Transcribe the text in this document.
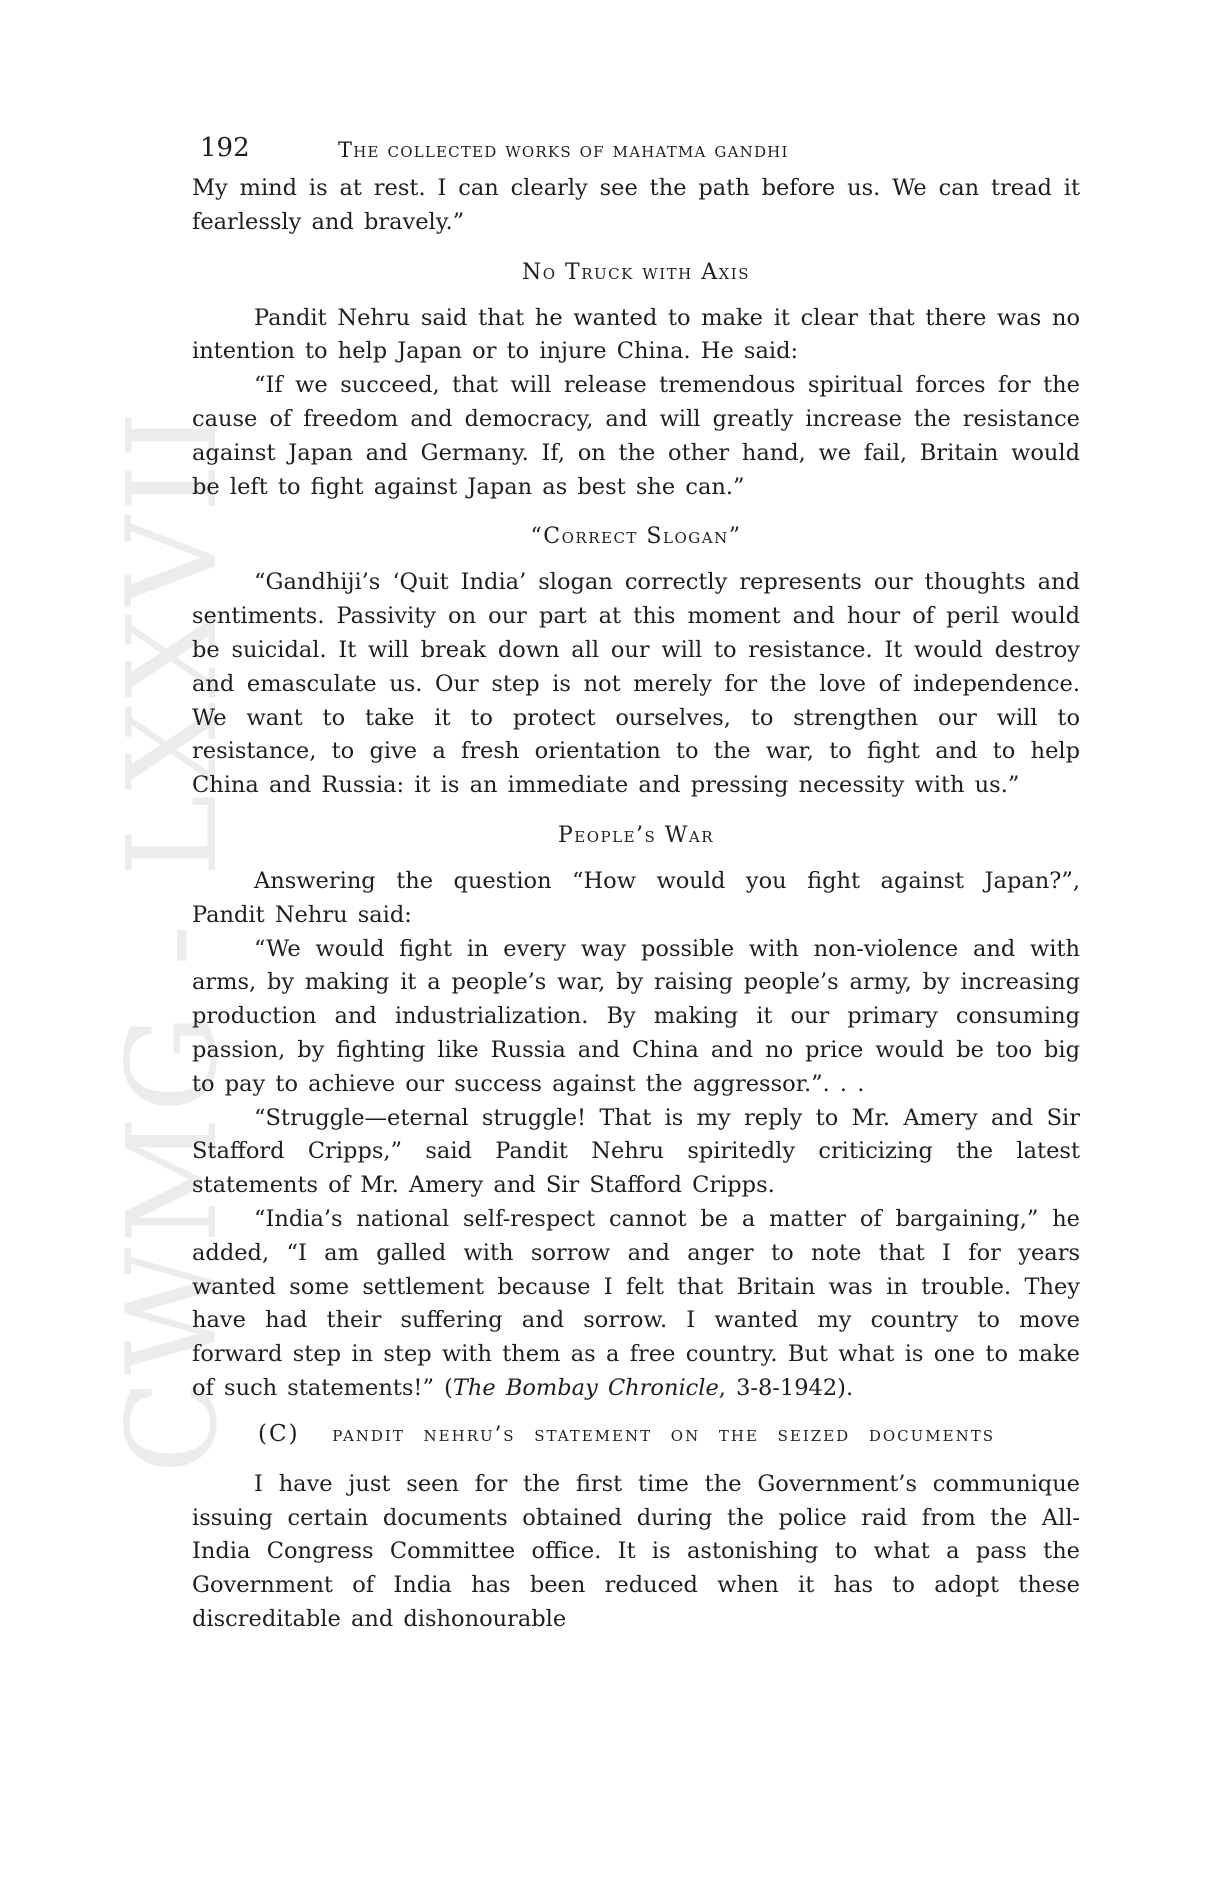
CWMG - LXXVII
192	the collected works of mahatma gandhi

My mind is at rest. I can clearly see the path before us. We can tread it fearlessly and bravely.”

No Truck with Axis

Pandit Nehru said that he wanted to make it clear that there was no intention to help Japan or to injure China. He said:

“If we succeed, that will release tremendous spiritual forces for the cause of freedom and democracy, and will greatly increase the resistance against Japan and Germany. If, on the other hand, we fail, Britain would be left to fight against Japan as best she can.”

“Correct Slogan”

“Gandhiji’s ‘Quit India’ slogan correctly represents our thoughts and sentiments. Passivity on our part at this moment and hour of peril would be suicidal. It will break down all our will to resistance. It would destroy and emasculate us. Our step is not merely for the love of independence. We want to take it to protect ourselves, to strengthen our will to resistance, to give a fresh orientation to the war, to fight and to help China and Russia: it is an immediate and pressing necessity with us.”

People’s War

Answering the question “How would you fight against Japan?”, Pandit Nehru said:

“We would fight in every way possible with non-violence and with arms, by making it a people’s war, by raising people’s army, by increasing production and industrialization. By making it our primary consuming passion, by fighting like Russia and China and no price would be too big to pay to achieve our success against the aggressor.”. . .

“Struggle—eternal struggle! That is my reply to Mr. Amery and Sir Stafford Cripps,” said Pandit Nehru spiritedly criticizing the latest statements of Mr. Amery and Sir Stafford Cripps.

“India’s national self-respect cannot be a matter of bargaining,” he added, “I am galled with sorrow and anger to note that I for years wanted some settlement because I felt that Britain was in trouble. They have had their suffering and sorrow. I wanted my country to move forward step in step with them as a free country. But what is one to make of such statements!” (The Bombay Chronicle, 3-8-1942).

(C) pandit nehru’s statement on the seized documents

I have just seen for the first time the Government’s communique issuing certain documents obtained during the police raid from the All-India Congress Committee office. It is astonishing to what a pass the Government of India has been reduced when it has to adopt these discreditable and dishonourable
